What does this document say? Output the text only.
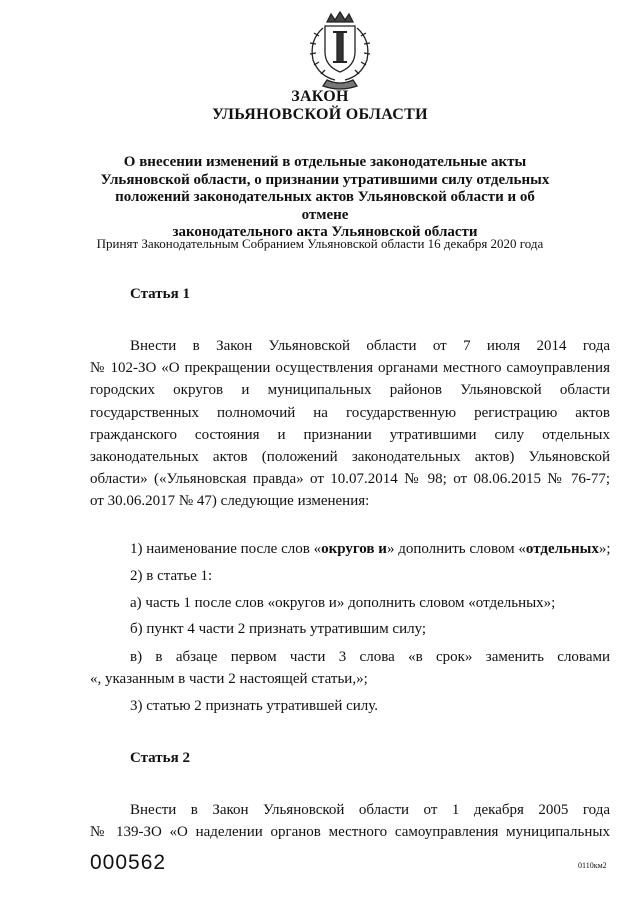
ЗАКОН
УЛЬЯНОВСКОЙ ОБЛАСТИ
О внесении изменений в отдельные законодательные акты
Ульяновской области, о признании утратившими силу отдельных
положений законодательных актов Ульяновской области и об отмене
законодательного акта Ульяновской области
Принят Законодательным Собранием Ульяновской области 16 декабря 2020 года
Статья 1
Внести в Закон Ульяновской области от 7 июля 2014 года
№ 102-ЗО «О прекращении осуществления органами местного самоуправления
городских округов и муниципальных районов Ульяновской области
государственных полномочий на государственную регистрацию актов
гражданского состояния и признании утратившими силу отдельных
законодательных актов (положений законодательных актов) Ульяновской
области» («Ульяновская правда» от 10.07.2014 № 98; от 08.06.2015 № 76-77;
от 30.06.2017 № 47) следующие изменения:
1) наименование после слов «округов и» дополнить словом «отдельных»;
2) в статье 1:
а) часть 1 после слов «округов и» дополнить словом «отдельных»;
б) пункт 4 части 2 признать утратившим силу;
в) в абзаце первом части 3 слова «в срок» заменить словами
«, указанным в части 2 настоящей статьи,»;
3) статью 2 признать утратившей силу.
Статья 2
Внести в Закон Ульяновской области от 1 декабря 2005 года
№ 139-ЗО «О наделении органов местного самоуправления муниципальных
000562	0110км2
